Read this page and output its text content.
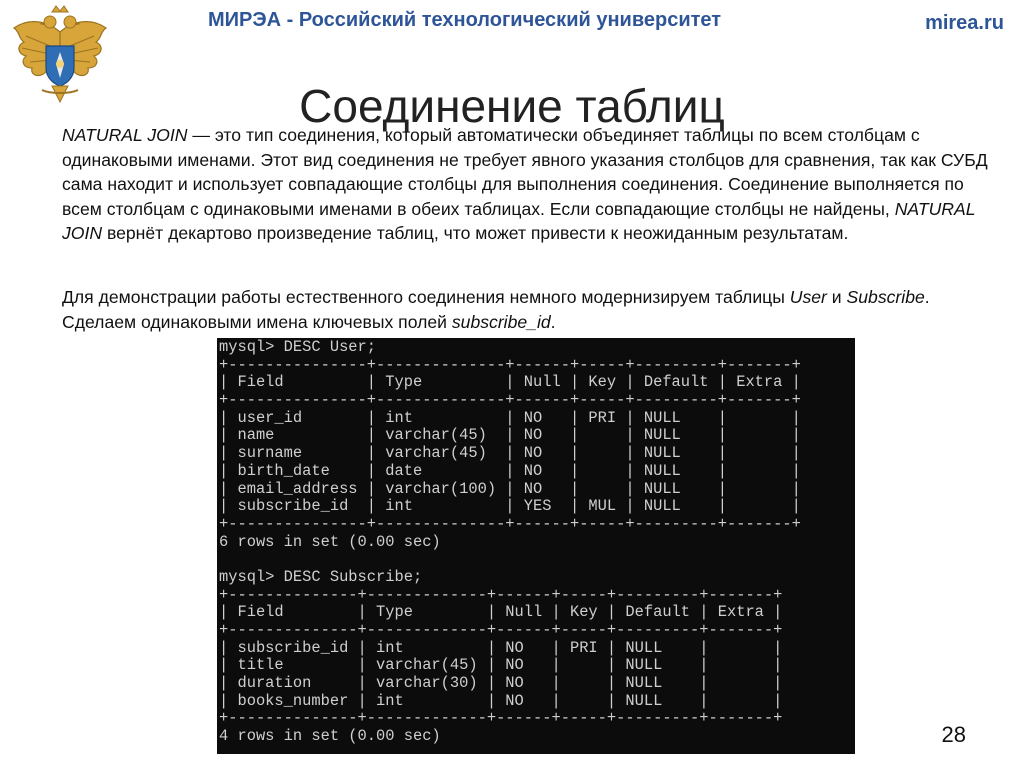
МИРЭА - Российский технологический университет	mirea.ru
Соединение таблиц
NATURAL JOIN — это тип соединения, который автоматически объединяет таблицы по всем столбцам с одинаковыми именами. Этот вид соединения не требует явного указания столбцов для сравнения, так как СУБД сама находит и использует совпадающие столбцы для выполнения соединения. Соединение выполняется по всем столбцам с одинаковыми именами в обеих таблицах. Если совпадающие столбцы не найдены, NATURAL JOIN вернёт декартово произведение таблиц, что может привести к неожиданным результатам.
Для демонстрации работы естественного соединения немного модернизируем таблицы User и Subscribe. Сделаем одинаковыми имена ключевых полей subscribe_id.
mysql> DESC User;
+---------------+--------------+------+-----+---------+-------+
| Field         | Type         | Null | Key | Default | Extra |
+---------------+--------------+------+-----+---------+-------+
| user_id       | int          | NO   | PRI | NULL    |       |
| name          | varchar(45)  | NO   |     | NULL    |       |
| surname       | varchar(45)  | NO   |     | NULL    |       |
| birth_date    | date         | NO   |     | NULL    |       |
| email_address | varchar(100) | NO   |     | NULL    |       |
| subscribe_id  | int          | YES  | MUL | NULL    |       |
+---------------+--------------+------+-----+---------+-------+
6 rows in set (0.00 sec)
mysql> DESC Subscribe;
+--------------+-------------+------+-----+---------+-------+
| Field        | Type        | Null | Key | Default | Extra |
+--------------+-------------+------+-----+---------+-------+
| subscribe_id | int         | NO   | PRI | NULL    |       |
| title        | varchar(45) | NO   |     | NULL    |       |
| duration     | varchar(30) | NO   |     | NULL    |       |
| books_number | int         | NO   |     | NULL    |       |
+--------------+-------------+------+-----+---------+-------+
4 rows in set (0.00 sec)	28
